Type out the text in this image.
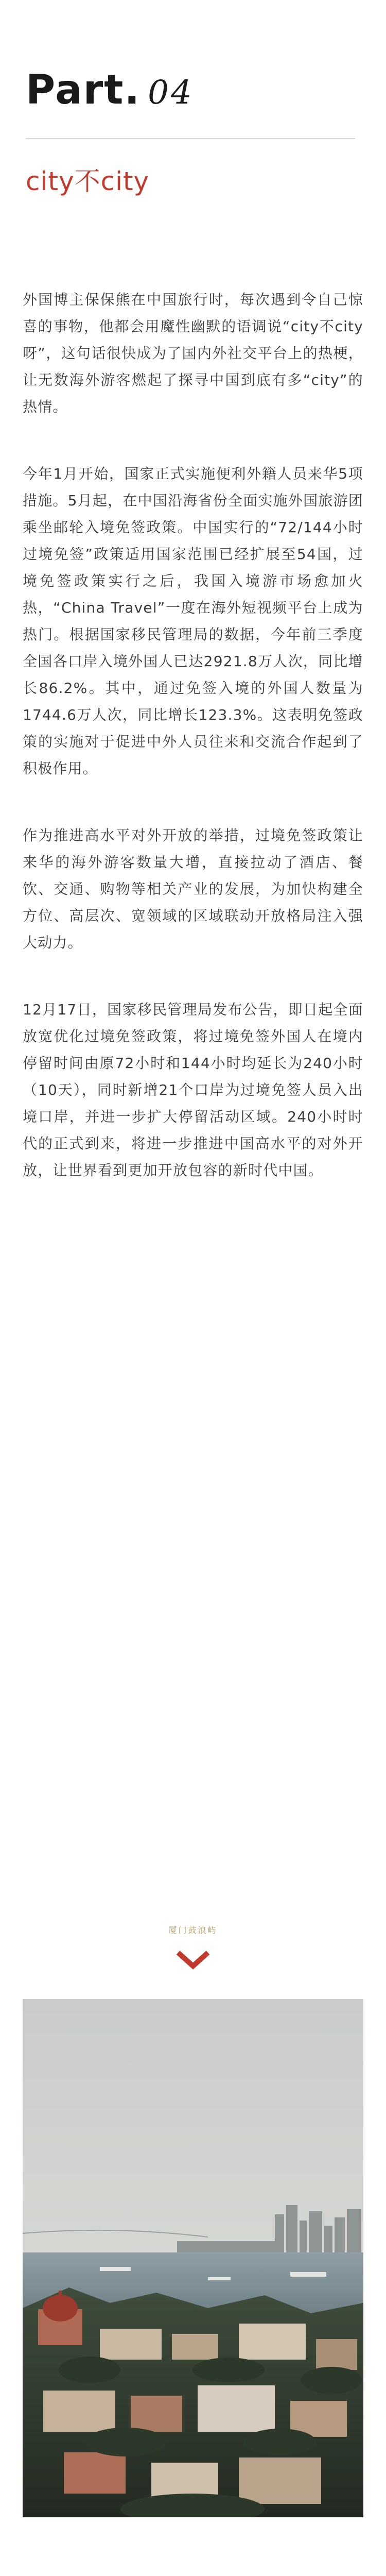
Part. 04
city不city

外国博主保保熊在中国旅行时，每次遇到令自己惊喜的事物，他都会用魔性幽默的语调说“city不city呀”，这句话很快成为了国内外社交平台上的热梗，让无数海外游客燃起了探寻中国到底有多“city”的热情。

今年1月开始，国家正式实施便利外籍人员来华5项措施。5月起，在中国沿海省份全面实施外国旅游团乘坐邮轮入境免签政策。中国实行的“72/144小时过境免签”政策适用国家范围已经扩展至54国，过境免签政策实行之后，我国入境游市场愈加火热，“China Travel”一度在海外短视频平台上成为热门。根据国家移民管理局的数据，今年前三季度全国各口岸入境外国人已达2921.8万人次，同比增长86.2%。其中，通过免签入境的外国人数量为1744.6万人次，同比增长123.3%。这表明免签政策的实施对于促进中外人员往来和交流合作起到了积极作用。

作为推进高水平对外开放的举措，过境免签政策让来华的海外游客数量大增，直接拉动了酒店、餐饮、交通、购物等相关产业的发展，为加快构建全方位、高层次、宽领域的区域联动开放格局注入强大动力。

12月17日，国家移民管理局发布公告，即日起全面放宽优化过境免签政策，将过境免签外国人在境内停留时间由原72小时和144小时均延长为240小时（10天），同时新增21个口岸为过境免签人员入出境口岸，并进一步扩大停留活动区域。240小时时代的正式到来，将进一步推进中国高水平的对外开放，让世界看到更加开放包容的新时代中国。

厦门鼓浪屿
